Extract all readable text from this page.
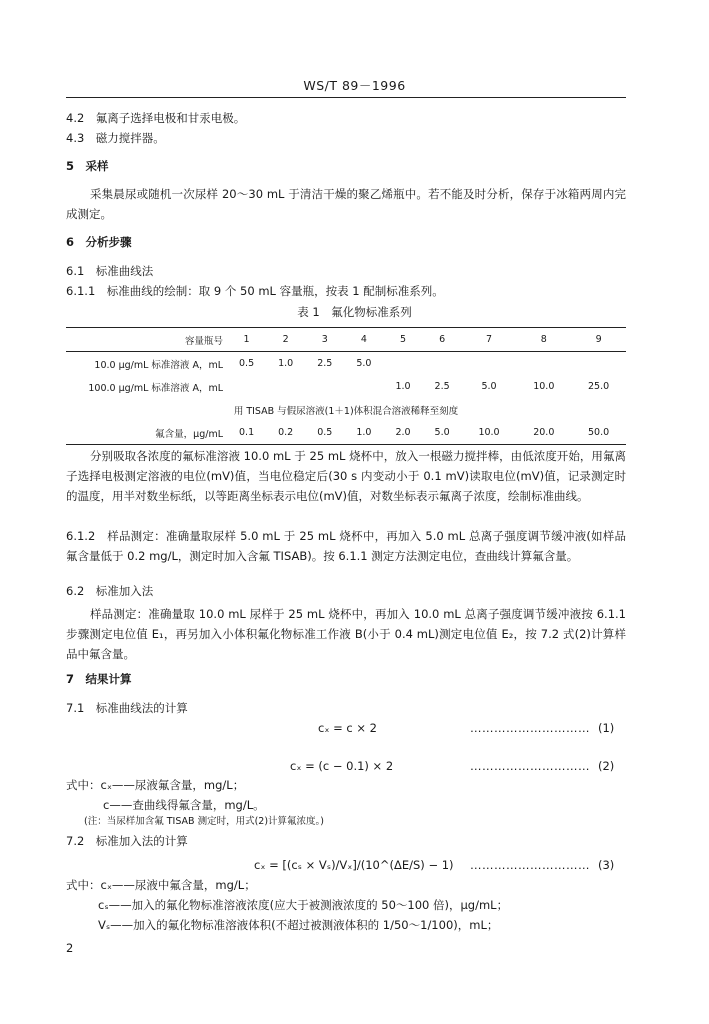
WS/T 89－1996
4.2　氟离子选择电极和甘汞电极。
4.3　磁力搅拌器。
5　采样
采集晨尿或随机一次尿样 20～30 mL 于清洁干燥的聚乙烯瓶中。若不能及时分析，保存于冰箱两周内完成测定。
6　分析步骤
6.1　标准曲线法
6.1.1　标准曲线的绘制：取 9 个 50 mL 容量瓶，按表 1 配制标准系列。
表 1　氟化物标准系列
容量瓶号	1	2	3	4	5	6	7	8	9
10.0 μg/mL 标准溶液 A，mL	0.5	1.0	2.5	5.0					
100.0 μg/mL 标准溶液 A，mL					1.0	2.5	5.0	10.0	25.0
用 TISAB 与假尿溶液(1＋1)体积混合溶液稀释至刻度									
氟含量，μg/mL	0.1	0.2	0.5	1.0	2.0	5.0	10.0	20.0	50.0
分别吸取各浓度的氟标准溶液 10.0 mL 于 25 mL 烧杯中，放入一根磁力搅拌棒，由低浓度开始，用氟离子选择电极测定溶液的电位(mV)值，当电位稳定后(30 s 内变动小于 0.1 mV)读取电位(mV)值，记录测定时的温度，用半对数坐标纸，以等距离坐标表示电位(mV)值，对数坐标表示氟离子浓度，绘制标准曲线。
6.1.2　样品测定：准确量取尿样 5.0 mL 于 25 mL 烧杯中，再加入 5.0 mL 总离子强度调节缓冲液(如样品氟含量低于 0.2 mg/L，测定时加入含氟 TISAB)。按 6.1.1 测定方法测定电位，查曲线计算氟含量。
6.2　标准加入法
样品测定：准确量取 10.0 mL 尿样于 25 mL 烧杯中，再加入 10.0 mL 总离子强度调节缓冲液按 6.1.1步骤测定电位值 E₁，再另加入小体积氟化物标准工作液 B(小于 0.4 mL)测定电位值 E₂，按 7.2 式(2)计算样品中氟含量。
7　结果计算
7.1　标准曲线法的计算
cₓ = c × 2	………………………… (1)
cₓ = (c − 0.1) × 2	………………………… (2)
式中：cₓ——尿液氟含量，mg/L；
c——查曲线得氟含量，mg/L。
(注：当尿样加含氟 TISAB 测定时，用式(2)计算氟浓度。)
7.2　标准加入法的计算
cₓ = [(cₛ × Vₛ)/Vₓ]/(10^(ΔE/S) − 1) ………………………… (3)
式中：cₓ——尿液中氟含量，mg/L；
cₛ——加入的氟化物标准溶液浓度(应大于被测液浓度的 50～100 倍)，μg/mL；
Vₛ——加入的氟化物标准溶液体积(不超过被测液体积的 1/50～1/100)，mL；
2
